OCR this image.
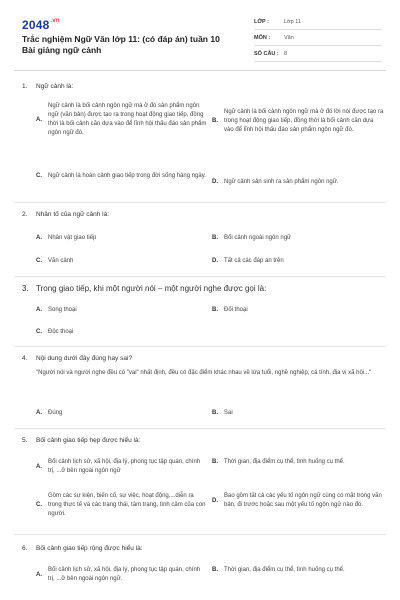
$2048^{.vn}$
Trắc nghiệm Ngữ Văn lớp 11: (có đáp án) tuần 10 Bài giảng ngữ cảnh
LỚP :	Lớp 11
MÔN :	Văn
SỐ CÂU : 8
1.	Ngữ cảnh là:
A.
Ngữ cảnh là bối cảnh ngôn ngữ mà ở đó sản phẩm ngôn ngữ (văn bản) được tạo ra trong hoạt động giao tiếp, đồng thời là bối cảnh căn dựa vào để lĩnh hội thấu đáo sản phẩm ngôn ngữ đó.
B.
Ngữ cảnh là bối cảnh ngôn ngữ mà ở đó lời nói được tạo ra trong hoạt động giao tiếp, đồng thời là bối cảnh căn dựa vào để lĩnh hội thấu đáo sản phẩm ngôn ngữ đó.
C.	Ngữ cảnh là hoàn cảnh giao tiếp trong đời sống hàng ngày.
D.	Ngữ cảnh sản sinh ra sản phẩm ngôn ngữ.
2.	Nhân tố của ngữ cảnh là:
A.	Nhân vật giao tiếp	B.	Bối cảnh ngoài ngôn ngữ
C.	Văn cảnh	D.	Tất cả các đáp án trên
3. Trong giao tiếp, khi một người nói – một người nghe được gọi là:
A.	Song thoại	B.	Đối thoại
C.	Độc thoại
4.	Nội dung dưới đây đúng hay sai?
"Người nói và người nghe đều có "vai" nhất định, đều có đặc điểm khác nhau về lứa tuổi, nghề nghiệp, cá tính, địa vị xã hội..."
A.	Đúng	B.	Sai
5.	Bối cảnh giao tiếp hẹp được hiểu là:
A.
Bối cảnh lịch sử, xã hội, địa lý, phong tục tập quán, chính trị, ...ở bên ngoài ngôn ngữ
B.	Thời gian, địa điểm cụ thể, tình huống cụ thể.
C.
Gồm các sự kiện, biến cố, sự việc, hoạt động,...diễn ra trong thực tế và các trạng thái, tâm trạng, tình cảm của con người.
D.
Bao gồm tất cả các yếu tố ngôn ngữ cùng có mặt trong văn bản, đi trước hoặc sau một yếu tố ngôn ngữ nào đó.
6.	Bối cảnh giao tiếp rộng được hiểu là:
A.
Bối cảnh lịch sử, xã hội, địa lý, phong tục tập quán, chính trị, ...ở bên ngoài ngôn ngữ.
B.	Thời gian, địa điểm cụ thể, tình huống cụ thể.
